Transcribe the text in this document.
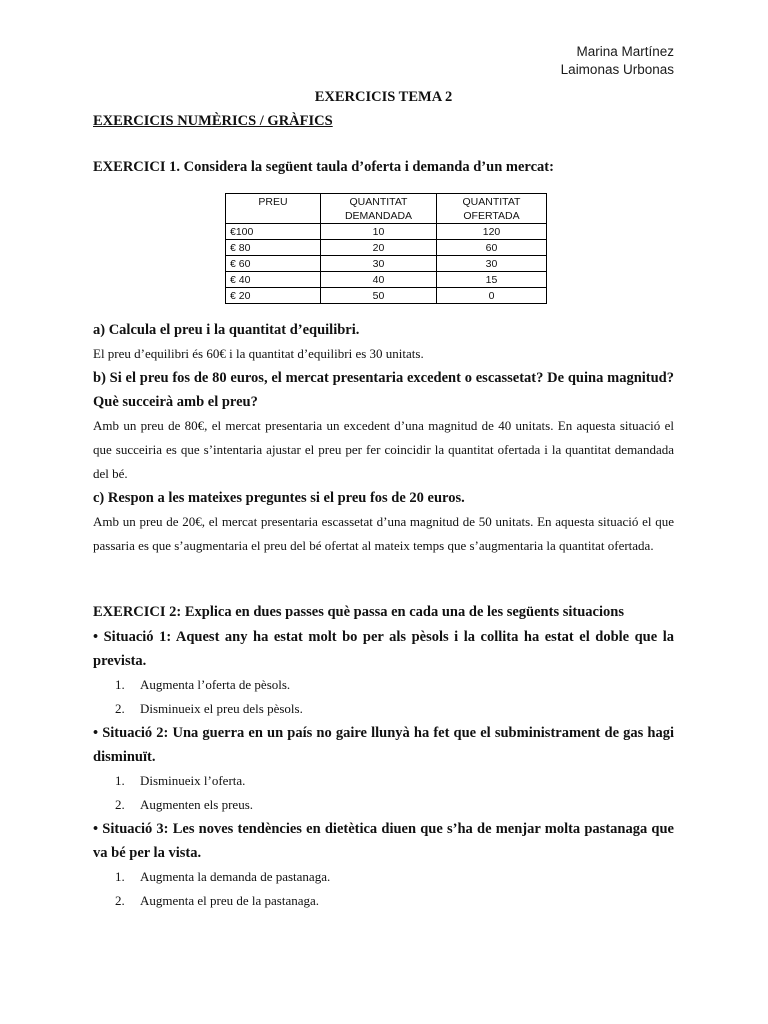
Marina Martínez
Laimonas Urbonas
EXERCICIS TEMA 2
EXERCICIS NUMÈRICS / GRÀFICS
EXERCICI 1. Considera la següent taula d’oferta i demanda d’un mercat:
PREU	QUANTITAT DEMANDADA	QUANTITAT OFERTADA
€100	10	120
€ 80	20	60
€ 60	30	30
€ 40	40	15
€ 20	50	0
a) Calcula el preu i la quantitat d’equilibri.
El preu d’equilibri és 60€ i la quantitat d’equilibri es 30 unitats.
b) Si el preu fos de 80 euros, el mercat presentaria excedent o escassetat? De quina magnitud? Què succeirà amb el preu?
Amb un preu de 80€, el mercat presentaria un excedent d’una magnitud de 40 unitats. En aquesta situació el que succeiria es que s’intentaria ajustar el preu per fer coincidir la quantitat ofertada i la quantitat demandada del bé.
c) Respon a les mateixes preguntes si el preu fos de 20 euros.
Amb un preu de 20€, el mercat presentaria escassetat d’una magnitud de 50 unitats. En aquesta situació el que passaria es que s’augmentaria el preu del bé ofertat al mateix temps que s’augmentaria la quantitat ofertada.
EXERCICI 2: Explica en dues passes què passa en cada una de les següents situacions
• Situació 1: Aquest any ha estat molt bo per als pèsols i la collita ha estat el doble que la prevista.
1. Augmenta l’oferta de pèsols.
2. Disminueix el preu dels pèsols.
• Situació 2: Una guerra en un país no gaire llunyà ha fet que el subministrament de gas hagi disminuït.
1. Disminueix l’oferta.
2. Augmenten els preus.
• Situació 3: Les noves tendències en dietètica diuen que s’ha de menjar molta pastanaga que va bé per la vista.
1. Augmenta la demanda de pastanaga.
2. Augmenta el preu de la pastanaga.
